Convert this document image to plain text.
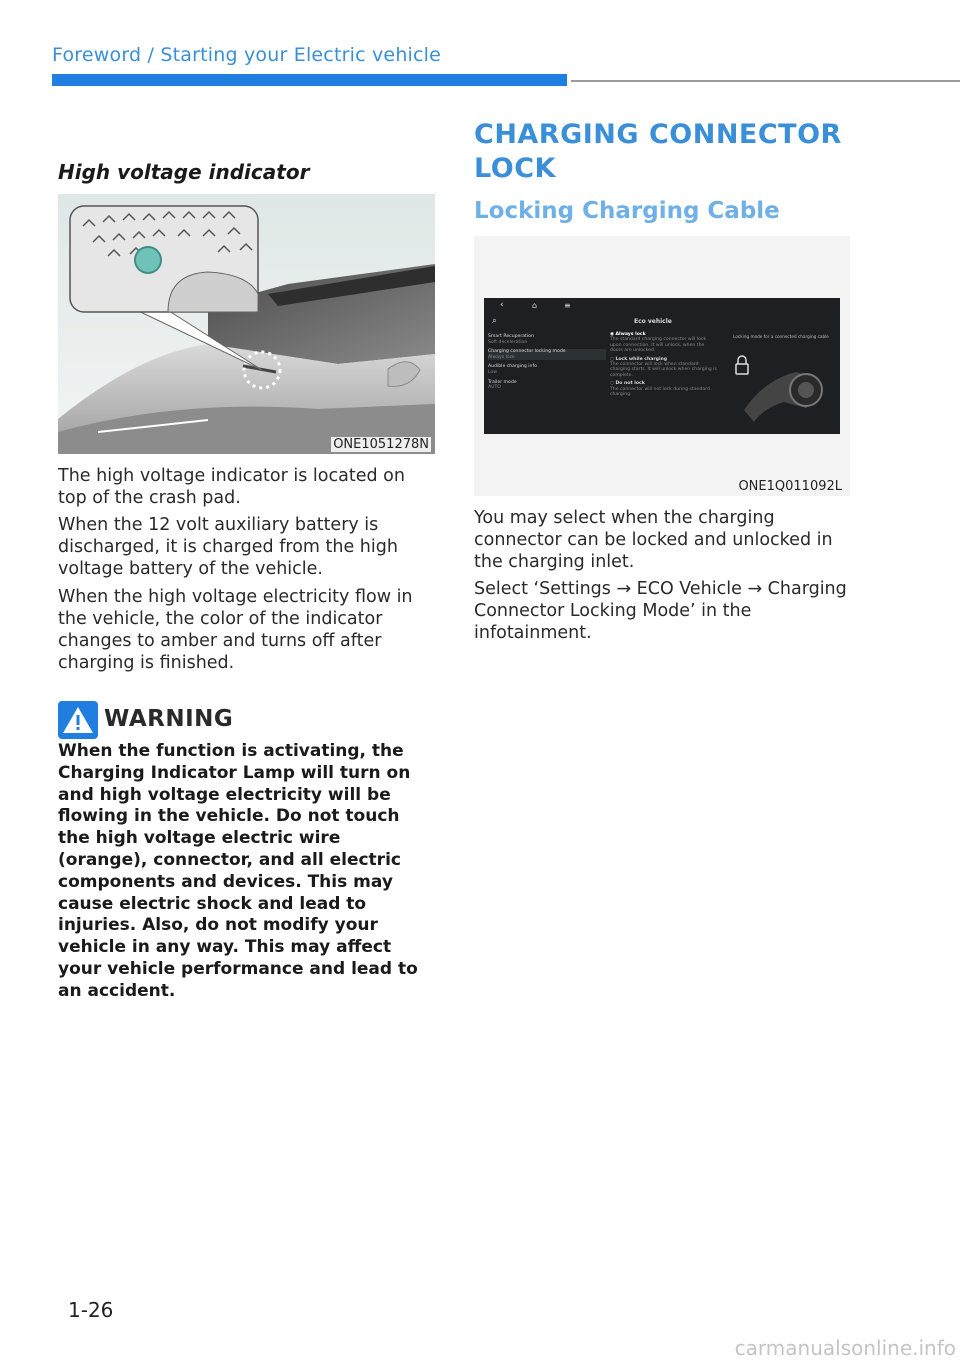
Foreword / Starting your Electric vehicle
High voltage indicator
ONE1051278N

The high voltage indicator is located on top of the crash pad.

When the 12 volt auxiliary battery is discharged, it is charged from the high voltage battery of the vehicle.

When the high voltage electricity flow in the vehicle, the color of the indicator changes to amber and turns off after charging is finished.

WARNING

When the function is activating, the Charging Indicator Lamp will turn on and high voltage electricity will be flowing in the vehicle. Do not touch the high voltage electric wire (orange), connector, and all electric components and devices. This may cause electric shock and lead to injuries. Also, do not modify your vehicle in any way. This may affect your vehicle performance and lead to an accident.

CHARGING CONNECTOR LOCK
Locking Charging Cable
‹	⌂	≡
⌕	Eco vehicle
Smart Recuperation
Soft deceleration
Charging connector locking mode
Always lock
Audible charging info
Low
Trailer mode
AUTO
◉ Always lock
The standard charging connector will lock upon connection. It will unlock, when the doors are unlocked.
○ Lock while charging
The connector will lock when standard charging starts. It will unlock when charging is complete.
○ Do not lock
The connector will not lock during standard charging.
Locking mode for a connected charging cable
ONE1Q011092L

You may select when the charging connector can be locked and unlocked in the charging inlet.

Select ‘Settings → ECO Vehicle → Charging Connector Locking Mode’ in the infotainment.

1-26
carmanualsonline.info
